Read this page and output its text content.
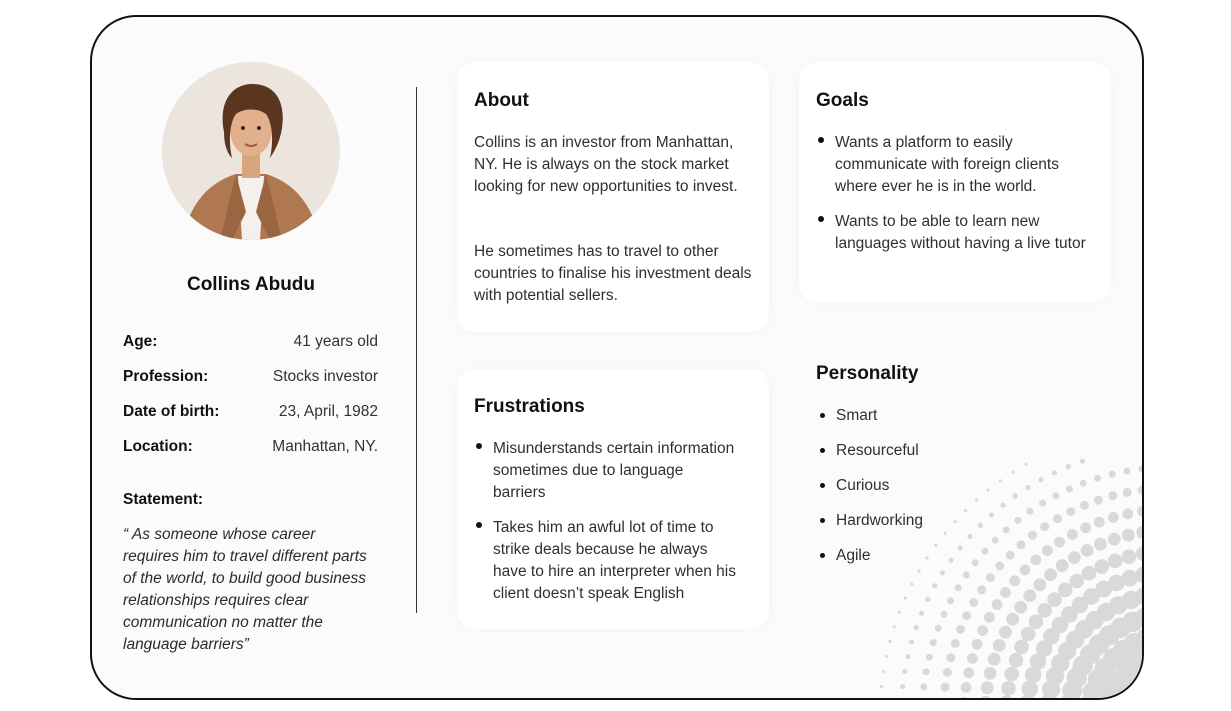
Collins Abudu
Age:	41 years old
Profession:	Stocks investor
Date of birth:	23, April, 1982
Location:	Manhattan, NY.
Statement:
“ As someone whose career requires him to travel different parts of the world, to build good business relationships requires clear communication no matter the language barriers”
About
Collins is an investor from Manhattan, NY. He is always on the stock market looking for new opportunities to invest.
He sometimes has to travel to other countries to finalise his investment deals with potential sellers.
Goals
Wants a platform to easily communicate with foreign clients where ever he is in the world.
Wants to be able to learn new languages without having a live tutor
Frustrations
Misunderstands certain information sometimes due to language barriers
Takes him an awful lot of time to strike deals because he always have to hire an interpreter when his client doesn’t speak English
Personality
Smart
Resourceful
Curious
Hardworking
Agile
